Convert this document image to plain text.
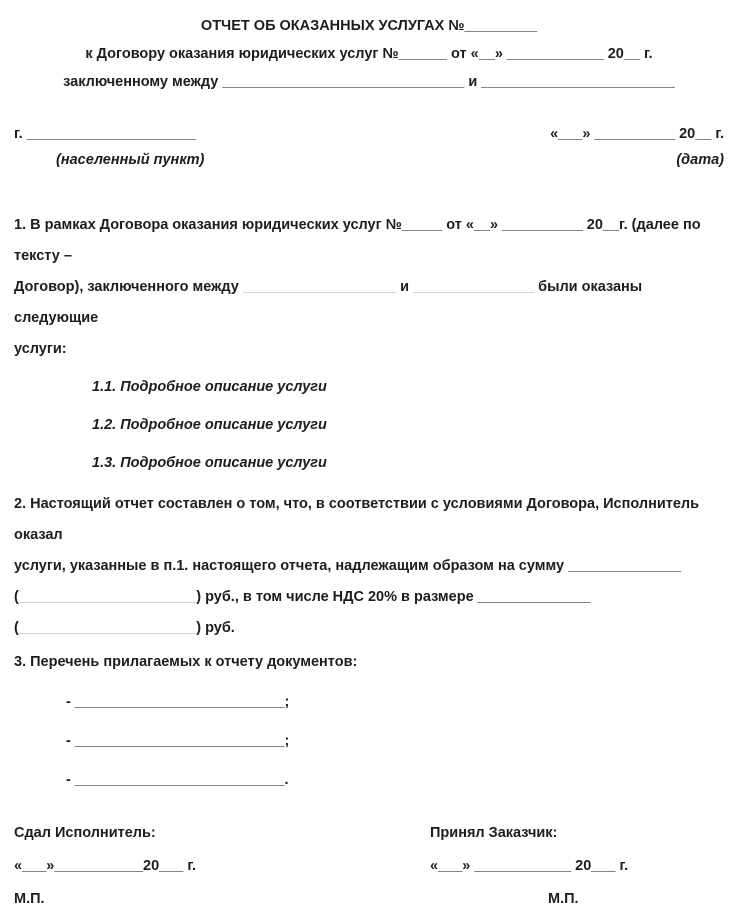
ОТЧЕТ ОБ ОКАЗАННЫХ УСЛУГАХ №_________
к Договору оказания юридических услуг №______ от «__» ____________ 20__ г.
заключенному между ______________________________ и ________________________
г. _____________________	«___» __________ 20__ г.
(населенный пункт)	(дата)
1. В рамках Договора оказания юридических услуг №_____ от «__» __________ 20__г. (далее по тексту –
Договор), заключенного между ___________________ и _______________ были оказаны следующие
услуги:
1.1. Подробное описание услуги
1.2. Подробное описание услуги
1.3. Подробное описание услуги
2. Настоящий отчет составлен о том, что, в соответствии с условиями Договора, Исполнитель оказал
услуги, указанные в п.1. настоящего отчета, надлежащим образом на сумму ______________
(______________________) руб., в том числе НДС 20% в размере ______________
(______________________) руб.
3. Перечень прилагаемых к отчету документов:
- __________________________;
- __________________________;
- __________________________.
Сдал Исполнитель:
«___»___________20___ г.
М.П.
Принял Заказчик:
«___» ____________ 20___ г.
М.П.
